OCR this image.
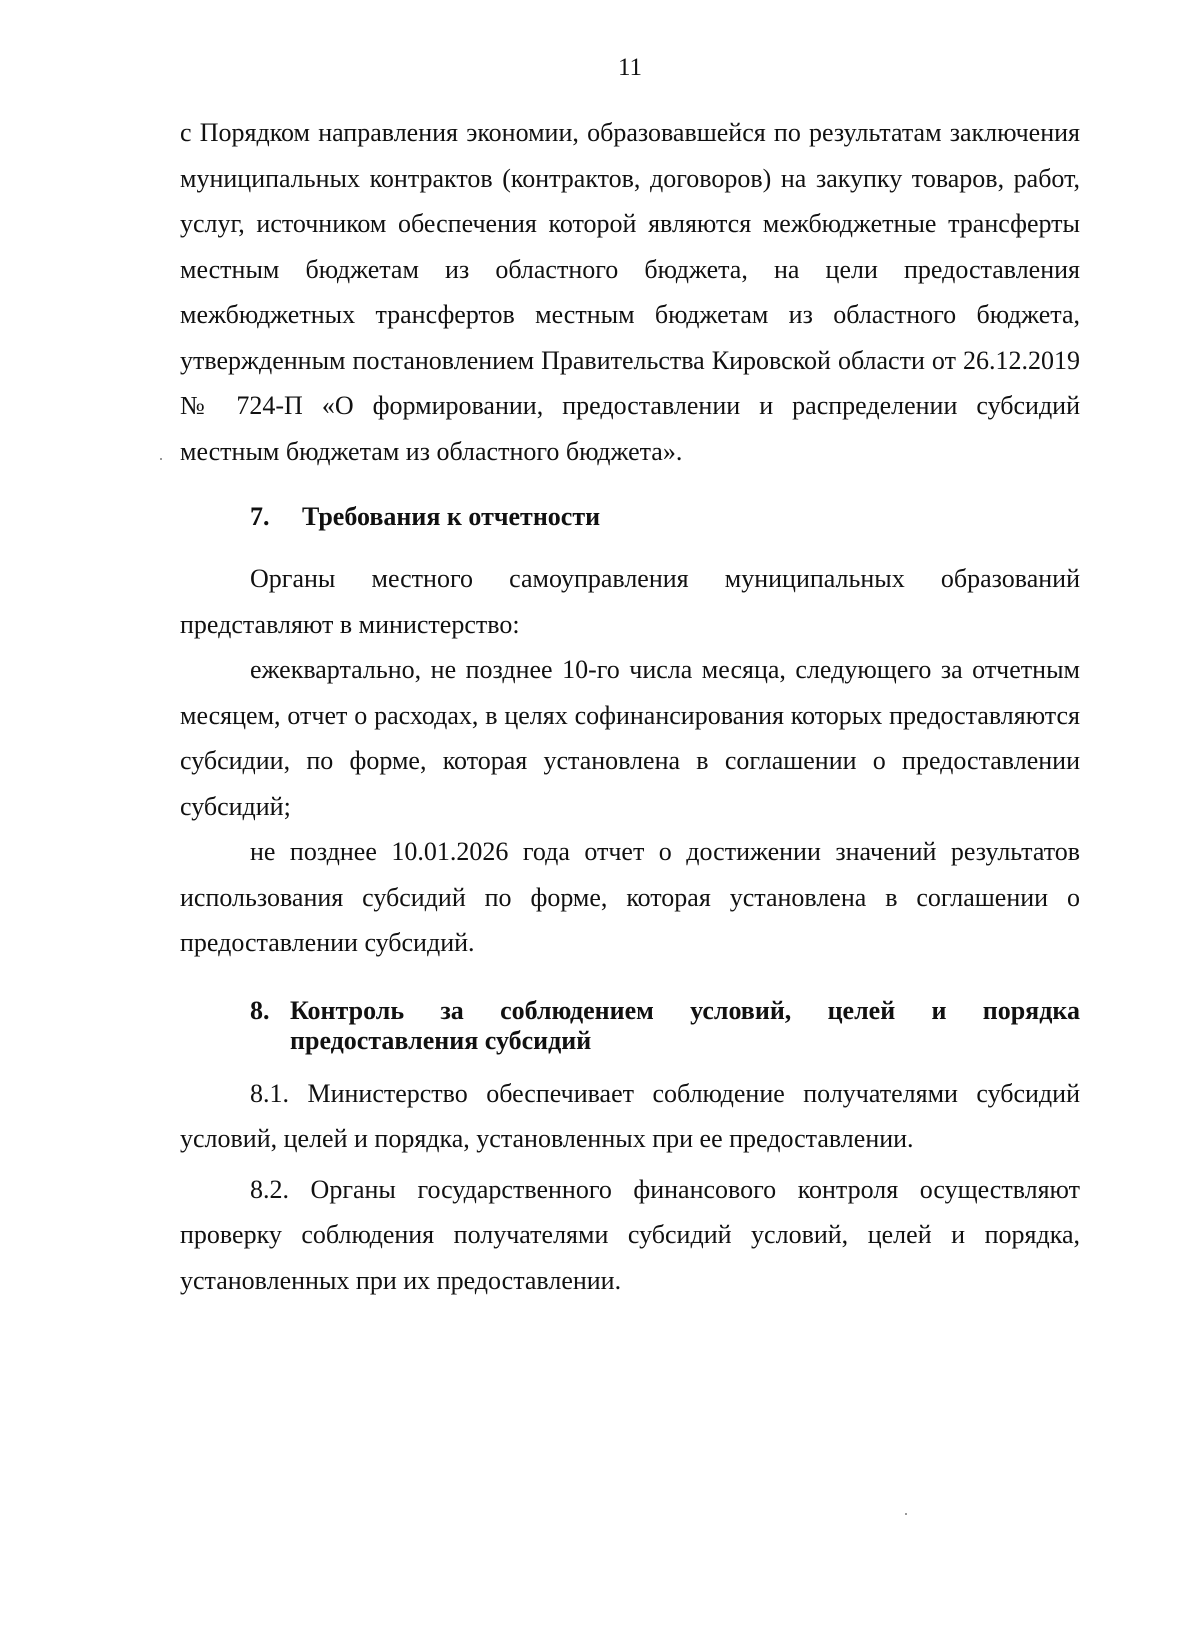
11

с Порядком направления экономии, образовавшейся по результатам заключения муниципальных контрактов (контрактов, договоров) на закупку товаров, работ, услуг, источником обеспечения которой являются межбюджетные трансферты местным бюджетам из областного бюджета, на цели предоставления межбюджетных трансфертов местным бюджетам из областного бюджета, утвержденным постановлением Правительства Кировской области от 26.12.2019 № 724-П «О формировании, предоставлении и распределении субсидий местным бюджетам из областного бюджета».

7.	Требования к отчетности

Органы местного самоуправления муниципальных образований представляют в министерство:

ежеквартально, не позднее 10-го числа месяца, следующего за отчетным месяцем, отчет о расходах, в целях софинансирования которых предоставляются субсидии, по форме, которая установлена в соглашении о предоставлении субсидий;

не позднее 10.01.2026 года отчет о достижении значений результатов использования субсидий по форме, которая установлена в соглашении о предоставлении субсидий.

8. Контроль за соблюдением условий, целей и порядка предоставления субсидий

8.1. Министерство обеспечивает соблюдение получателями субсидий условий, целей и порядка, установленных при ее предоставлении.

8.2. Органы государственного финансового контроля осуществляют проверку соблюдения получателями субсидий условий, целей и порядка, установленных при их предоставлении.
